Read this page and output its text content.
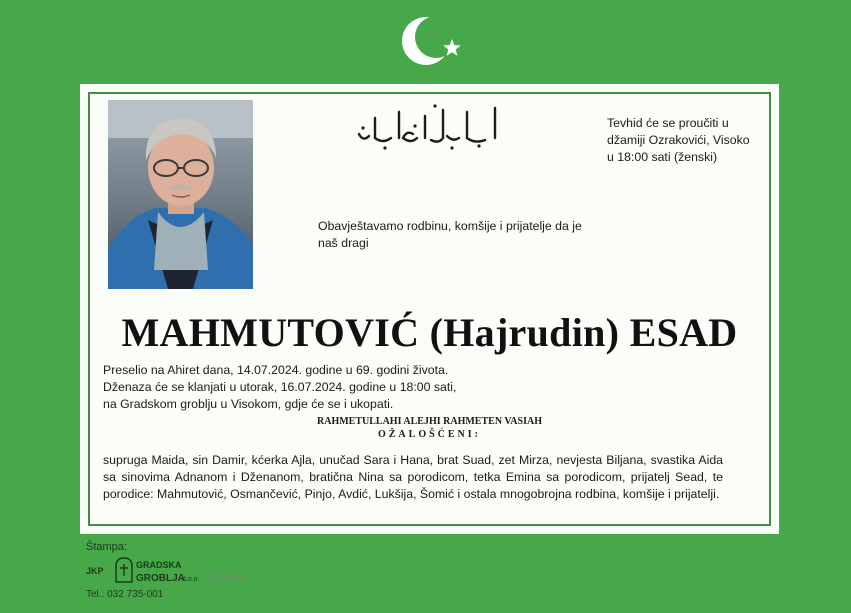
Tevhid će se proučiti u
džamiji Ozrakovići, Visoko
u 18:00 sati (ženski)
Obavještavamo rodbinu, komšije i prijatelje da je
naš dragi
MAHMUTOVIĆ (Hajrudin) ESAD
Preselio na Ahiret dana, 14.07.2024. godine u 69. godini života.
Dženaza će se klanjati u utorak, 16.07.2024. godine u 18:00 sati,
na Gradskom groblju u Visokom, gdje će se i ukopati.
RAHMETULLAHI ALEJHI RAHMETEN VASIAH
OŽALOŠĆENI:
supruga Maida, sin Damir, kćerka Ajla, unučad Sara i Hana, brat Suad, zet Mirza, nevjesta Biljana, svastika Aida sa sinovima Adnanom i Dženanom, bratična Nina sa porodicom, tetka Emina sa porodicom, prijatelj Sead, te porodice: Mahmutović, Osmančević, Pinjo, Avdić, Lukšija, Šomić i ostala mnogobrojna rodbina, komšije i prijatelji.
Štampa:
JKP
GRADSKA
GROBLJA
d.o.o. VISOKO
Tel.: 032 735-001
